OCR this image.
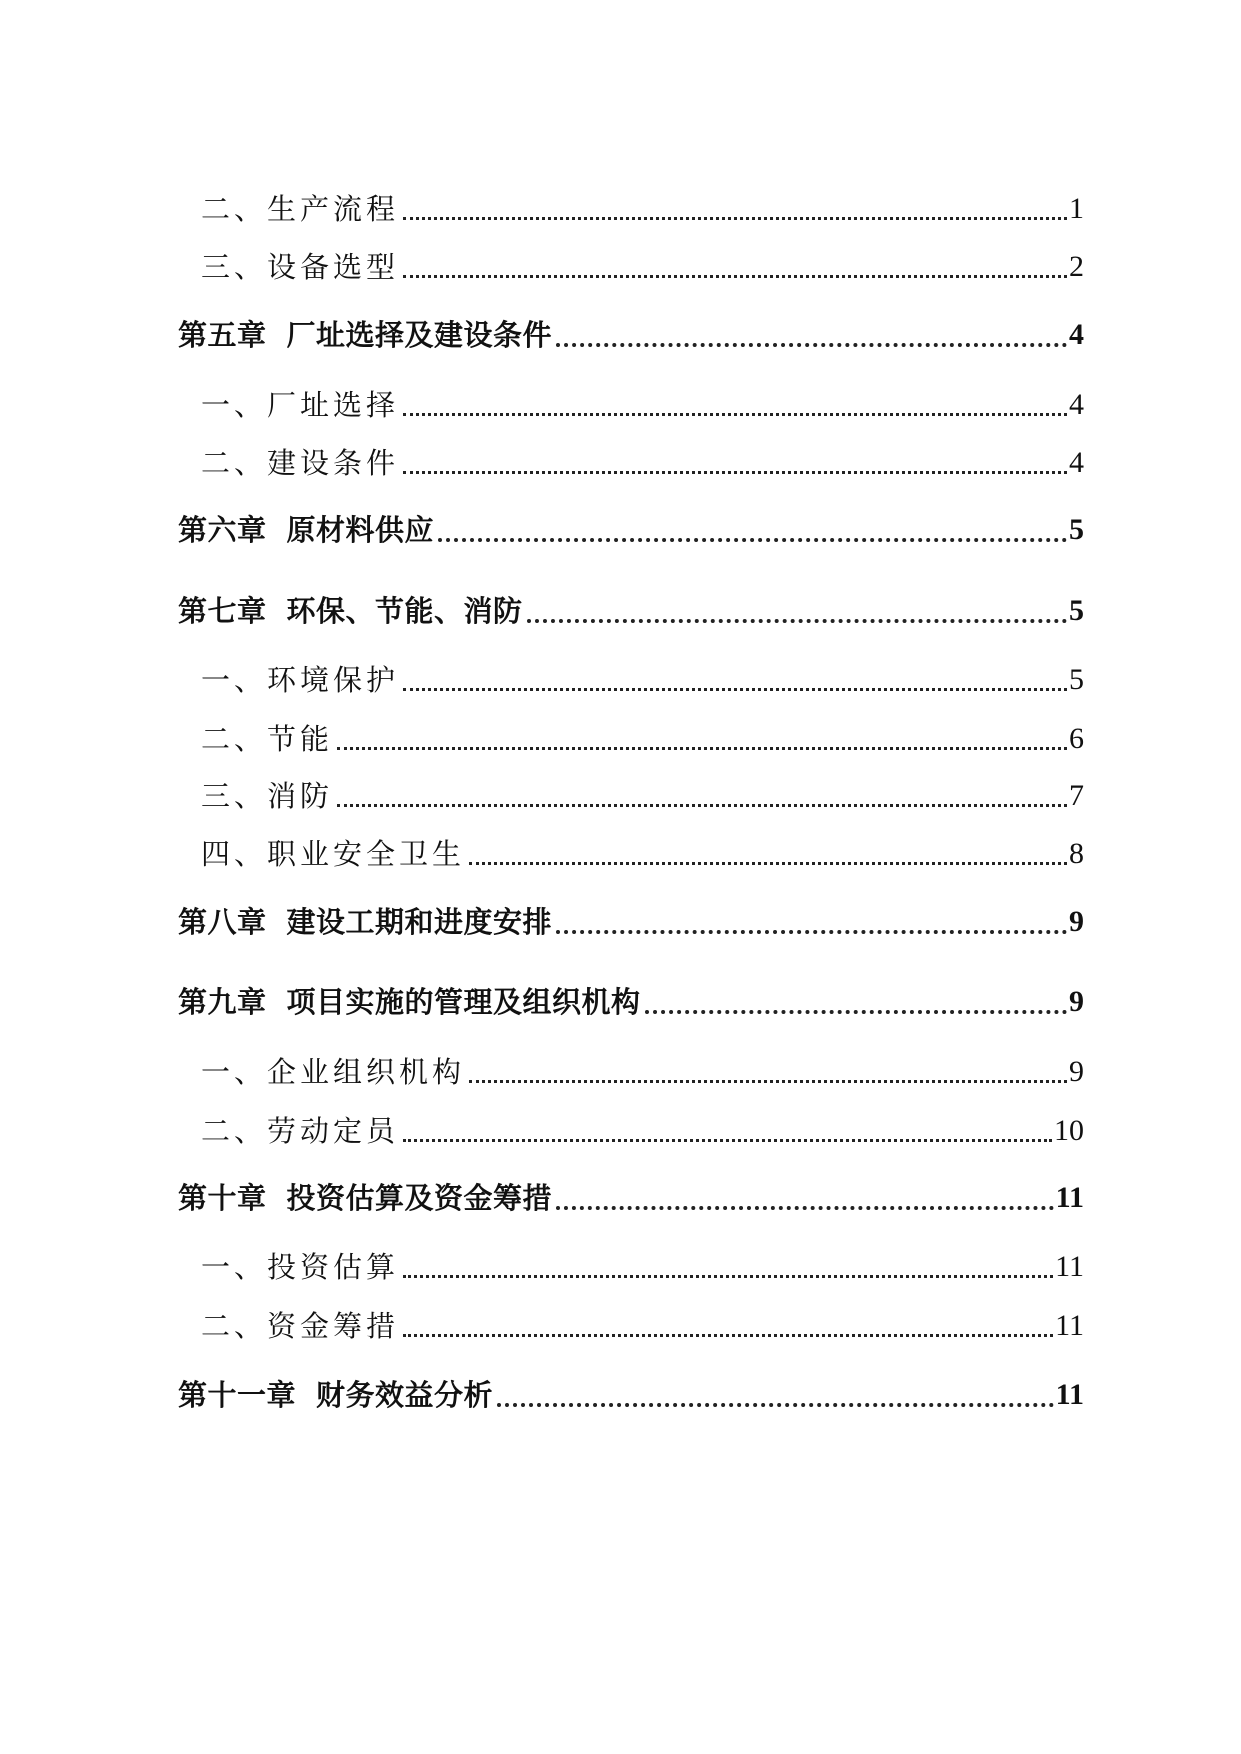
二、生产流程	1
三、设备选型	2
第五章 厂址选择及建设条件	4
一、厂址选择	4
二、建设条件	4
第六章 原材料供应	5
第七章 环保、节能、消防	5
一、环境保护	5
二、节能	6
三、消防	7
四、职业安全卫生	8
第八章 建设工期和进度安排	9
第九章 项目实施的管理及组织机构	9
一、企业组织机构	9
二、劳动定员	10
第十章 投资估算及资金筹措	11
一、投资估算	11
二、资金筹措	11
第十一章 财务效益分析	11
